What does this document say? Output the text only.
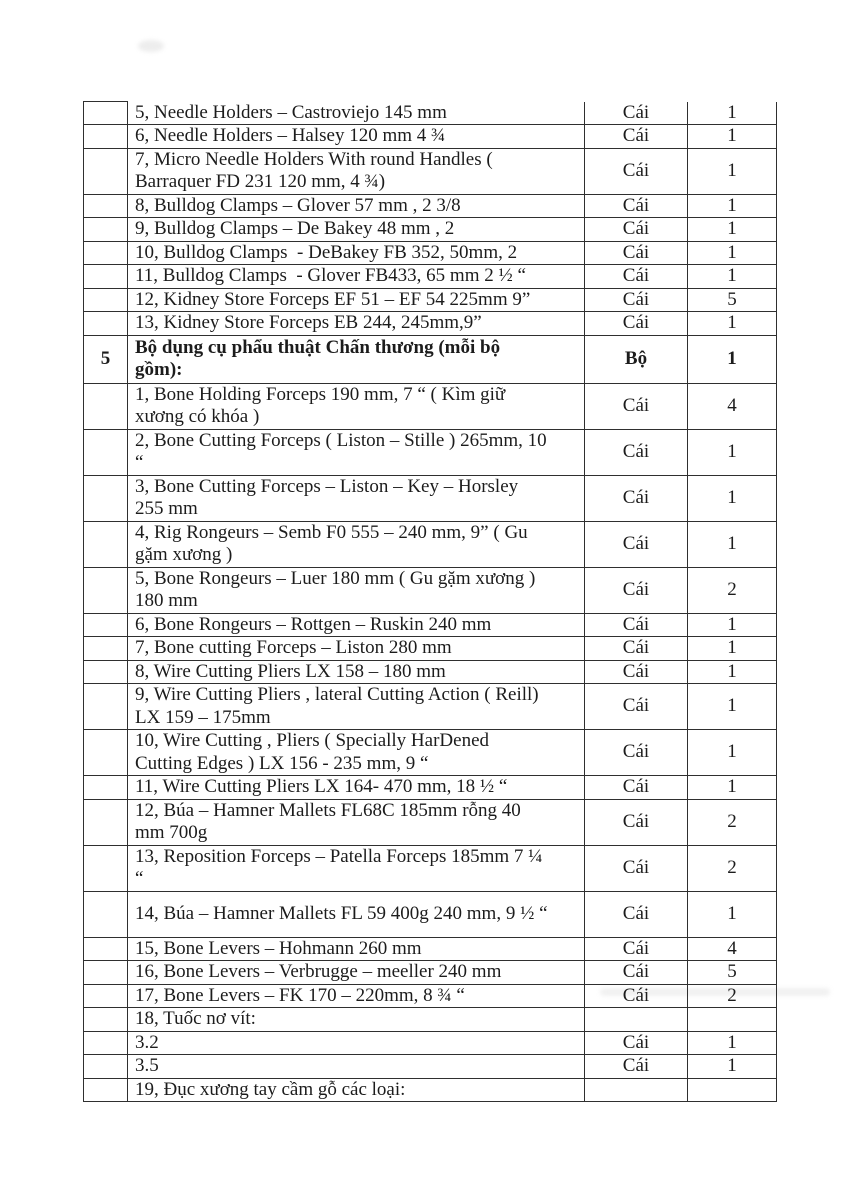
	5, Needle Holders – Castroviejo 145 mm	Cái	1

	6, Needle Holders – Halsey 120 mm 4 ¾	Cái	1

	7, Micro Needle Holders With round Handles (
Barraquer FD 231 120 mm, 4 ¾)	Cái	1

	8, Bulldog Clamps – Glover 57 mm , 2 3/8	Cái	1

	9, Bulldog Clamps – De Bakey 48 mm , 2	Cái	1

	10, Bulldog Clamps  - DeBakey FB 352, 50mm, 2	Cái	1

	11, Bulldog Clamps  - Glover FB433, 65 mm 2 ½ “	Cái	1

	12, Kidney Store Forceps EF 51 – EF 54 225mm 9”	Cái	5

	13, Kidney Store Forceps EB 244, 245mm,9”	Cái	1
5	Bộ dụng cụ phẩu thuật Chấn thương (mỗi bộ
gồm):	Bộ	1

	1, Bone Holding Forceps 190 mm, 7 “ ( Kìm giữ
xương có khóa )	Cái	4

	2, Bone Cutting Forceps ( Liston – Stille ) 265mm, 10
“	Cái	1

	3, Bone Cutting Forceps – Liston – Key – Horsley
255 mm	Cái	1

	4, Rig Rongeurs – Semb F0 555 – 240 mm, 9” ( Gu
gặm xương )	Cái	1

	5, Bone Rongeurs – Luer 180 mm ( Gu gặm xương )
180 mm	Cái	2

	6, Bone Rongeurs – Rottgen – Ruskin 240 mm	Cái	1

	7, Bone cutting Forceps – Liston 280 mm	Cái	1

	8, Wire Cutting Pliers LX 158 – 180 mm	Cái	1

	9, Wire Cutting Pliers , lateral Cutting Action ( Reill)
LX 159 – 175mm	Cái	1

	10, Wire Cutting , Pliers ( Specially HarDened
Cutting Edges ) LX 156 - 235 mm, 9 “	Cái	1

	11, Wire Cutting Pliers LX 164- 470 mm, 18 ½ “	Cái	1

	12, Búa – Hamner Mallets FL68C 185mm rỗng 40
mm 700g	Cái	2

	13, Reposition Forceps – Patella Forceps 185mm 7 ¼
“	Cái	2

	14, Búa – Hamner Mallets FL 59 400g 240 mm, 9 ½ “	Cái	1

	15, Bone Levers – Hohmann 260 mm	Cái	4

	16, Bone Levers – Verbrugge – meeller 240 mm	Cái	5

	17, Bone Levers – FK 170 – 220mm, 8 ¾ “	Cái	2

	18, Tuốc nơ vít:		

	3.2	Cái	1

	3.5	Cái	1

	19, Đục xương tay cầm gỗ các loại:		
